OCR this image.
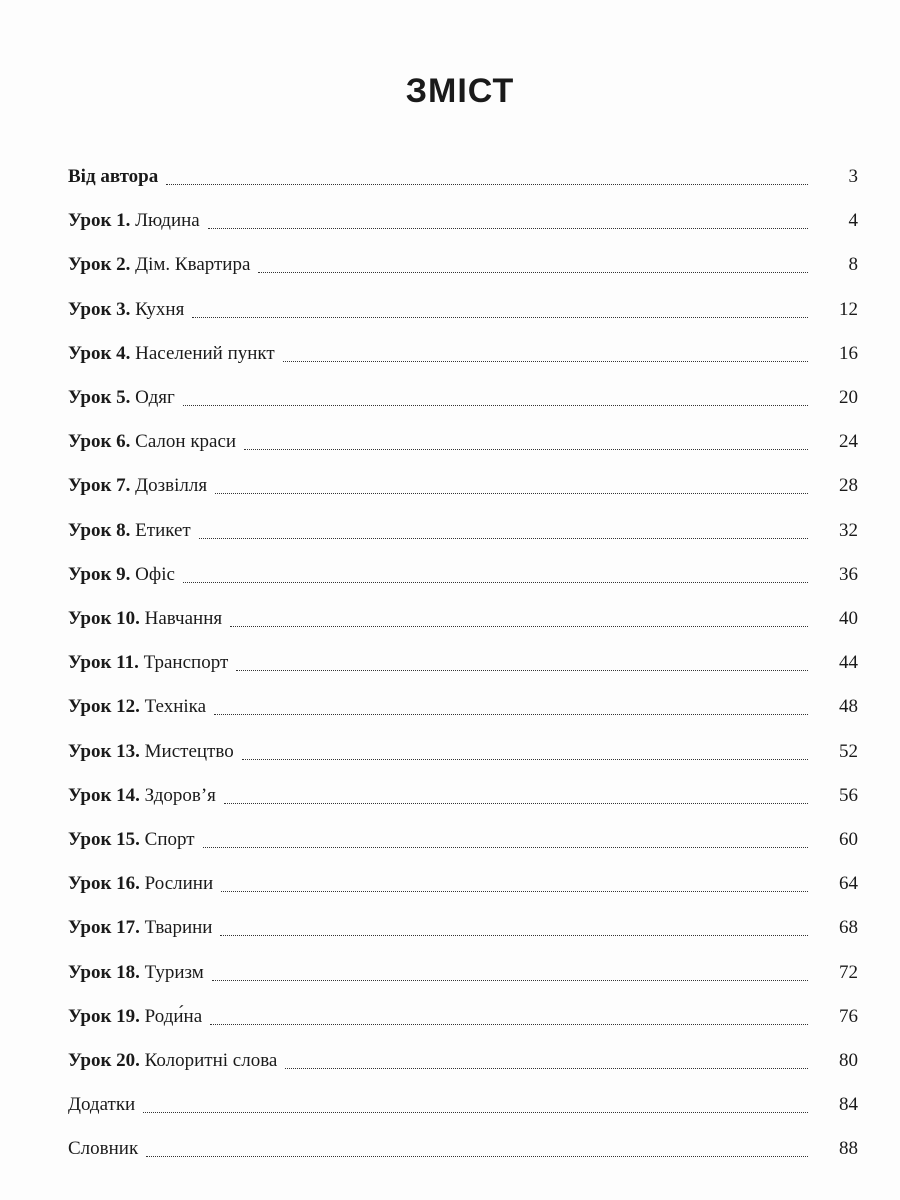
ЗМІСТ
Від автора	3
Урок 1. Людина	4
Урок 2. Дім. Квартира	8
Урок 3. Кухня	12
Урок 4. Населений пункт	16
Урок 5. Одяг	20
Урок 6. Салон краси	24
Урок 7. Дозвілля	28
Урок 8. Етикет	32
Урок 9. Офіс	36
Урок 10. Навчання	40
Урок 11. Транспорт	44
Урок 12. Техніка	48
Урок 13. Мистецтво	52
Урок 14. Здоров’я	56
Урок 15. Спорт	60
Урок 16. Рослини	64
Урок 17. Тварини	68
Урок 18. Туризм	72
Урок 19. Роди́на	76
Урок 20. Колоритні слова	80
Додатки	84
Словник	88
